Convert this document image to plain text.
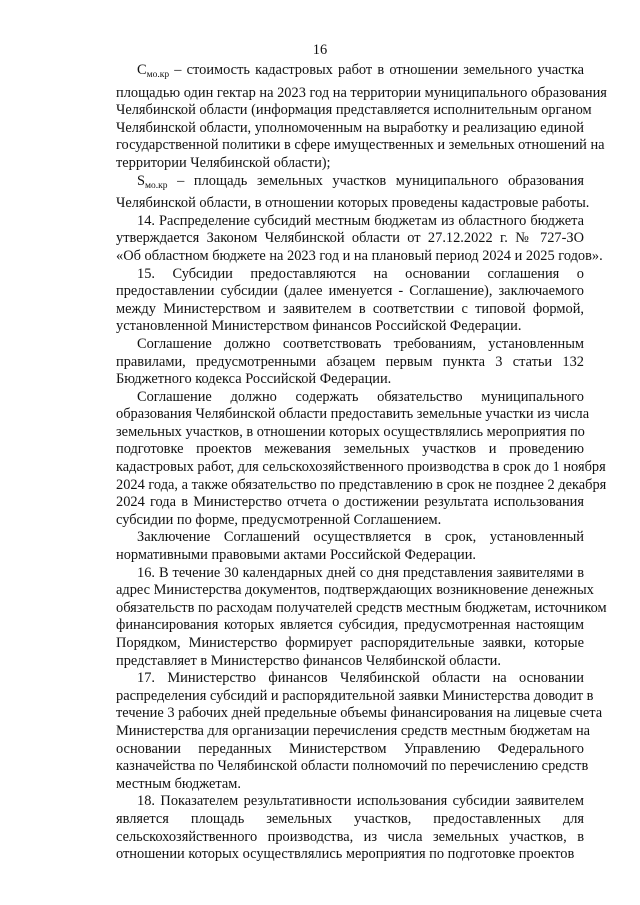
16
$С_{мо.кр}$ – стоимость кадастровых работ в отношении земельного участка
площадью один гектар на 2023 год на территории муниципального образования
Челябинской области (информация представляется исполнительным органом
Челябинской области, уполномоченным на выработку и реализацию единой
государственной политики в сфере имущественных и земельных отношений на
территории Челябинской области);
$S_{мо.кр}$ – площадь земельных участков муниципального образования
Челябинской области, в отношении которых проведены кадастровые работы.
14. Распределение субсидий местным бюджетам из областного бюджета
утверждается Законом Челябинской области от 27.12.2022 г. № 727-ЗО
«Об областном бюджете на 2023 год и на плановый период 2024 и 2025 годов».
15. Субсидии предоставляются на основании соглашения о
предоставлении субсидии (далее именуется - Соглашение), заключаемого
между Министерством и заявителем в соответствии с типовой формой,
установленной Министерством финансов Российской Федерации.
Соглашение должно соответствовать требованиям, установленным
правилами, предусмотренными абзацем первым пункта 3 статьи 132
Бюджетного кодекса Российской Федерации.
Соглашение должно содержать обязательство муниципального
образования Челябинской области предоставить земельные участки из числа
земельных участков, в отношении которых осуществлялись мероприятия по
подготовке проектов межевания земельных участков и проведению
кадастровых работ, для сельскохозяйственного производства в срок до 1 ноября
2024 года, а также обязательство по представлению в срок не позднее 2 декабря
2024 года в Министерство отчета о достижении результата использования
субсидии по форме, предусмотренной Соглашением.
Заключение Соглашений осуществляется в срок, установленный
нормативными правовыми актами Российской Федерации.
16. В течение 30 календарных дней со дня представления заявителями в
адрес Министерства документов, подтверждающих возникновение денежных
обязательств по расходам получателей средств местным бюджетам, источником
финансирования которых является субсидия, предусмотренная настоящим
Порядком, Министерство формирует распорядительные заявки, которые
представляет в Министерство финансов Челябинской области.
17. Министерство финансов Челябинской области на основании
распределения субсидий и распорядительной заявки Министерства доводит в
течение 3 рабочих дней предельные объемы финансирования на лицевые счета
Министерства для организации перечисления средств местным бюджетам на
основании переданных Министерством Управлению Федерального
казначейства по Челябинской области полномочий по перечислению средств
местным бюджетам.
18. Показателем результативности использования субсидии заявителем
является площадь земельных участков, предоставленных для
сельскохозяйственного производства, из числа земельных участков, в
отношении которых осуществлялись мероприятия по подготовке проектов
